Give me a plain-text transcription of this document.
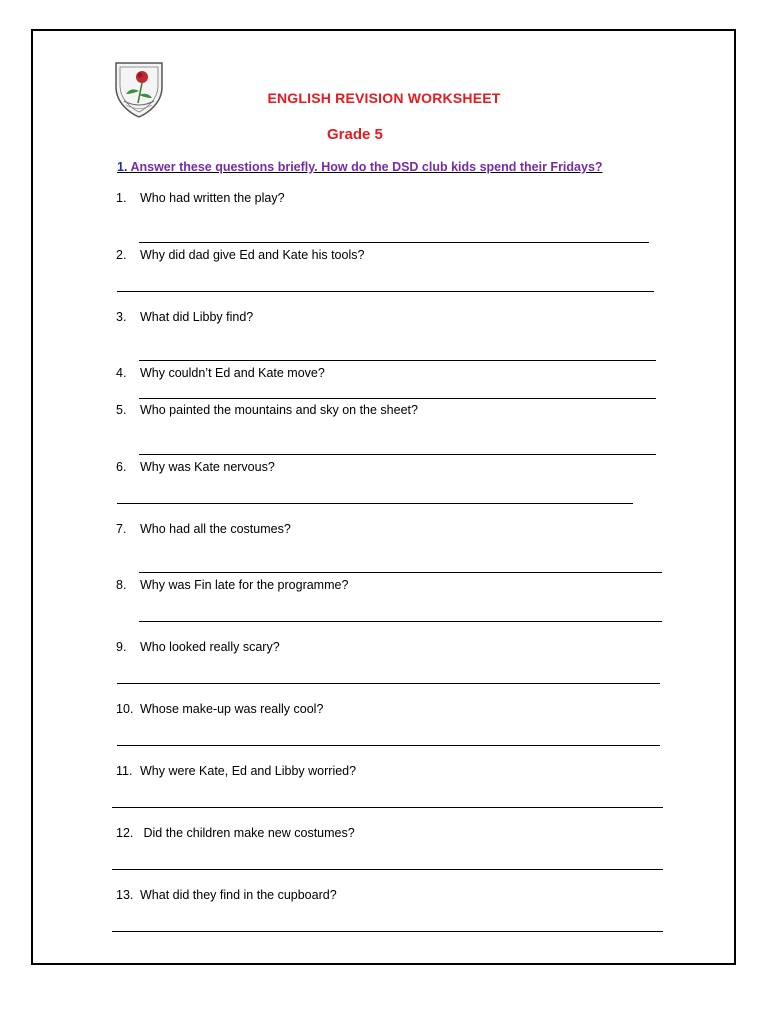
ENGLISH REVISION WORKSHEET
Grade 5
1. Answer these questions briefly. How do the DSD club kids spend their Fridays?
1. Who had written the play?
2. Why did dad give Ed and Kate his tools?
3. What did Libby find?
4. Why couldn’t Ed and Kate move?
5. Who painted the mountains and sky on the sheet?
6. Why was Kate nervous?
7. Who had all the costumes?
8. Why was Fin late for the programme?
9. Who looked really scary?
10. Whose make-up was really cool?
11. Why were Kate, Ed and Libby worried?
12. Did the children make new costumes?
13. What did they find in the cupboard?
